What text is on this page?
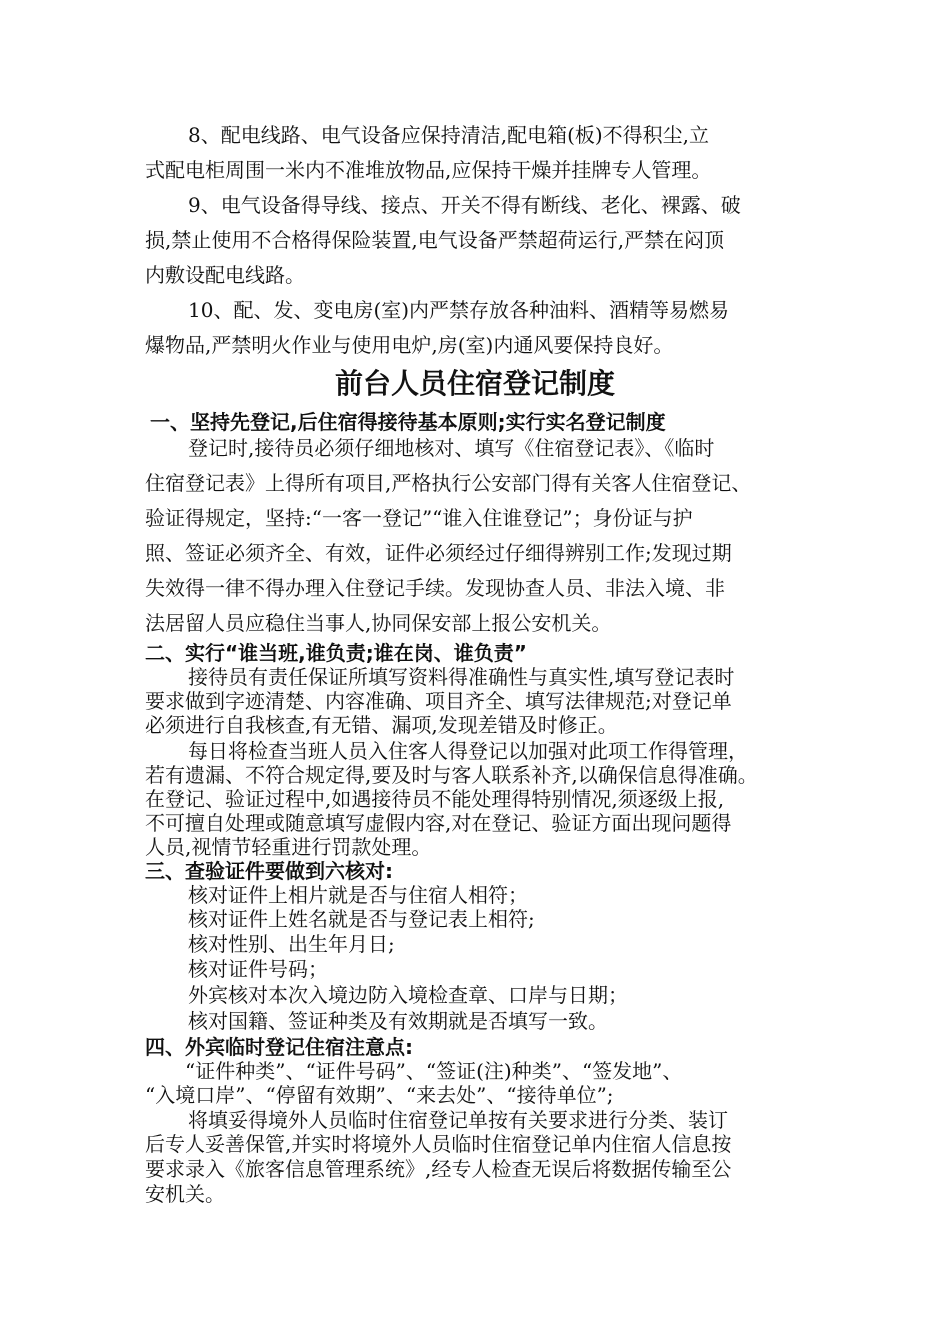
8、配电线路、电气设备应保持清洁,配电箱(板)不得积尘,立
式配电柜周围一米内不准堆放物品,应保持干燥并挂牌专人管理。
9、电气设备得导线、接点、开关不得有断线、老化、裸露、破
损,禁止使用不合格得保险装置,电气设备严禁超荷运行,严禁在闷顶
内敷设配电线路。
10、配、发、变电房(室)内严禁存放各种油料、酒精等易燃易
爆物品,严禁明火作业与使用电炉,房(室)内通风要保持良好。
前台人员住宿登记制度
一、坚持先登记,后住宿得接待基本原则;实行实名登记制度
登记时,接待员必须仔细地核对、填写《住宿登记表》、《临时
住宿登记表》上得所有项目,严格执行公安部门得有关客人住宿登记、
验证得规定，坚持:“一客一登记”“谁入住谁登记”；身份证与护
照、签证必须齐全、有效，证件必须经过仔细得辨别工作;发现过期
失效得一律不得办理入住登记手续。发现协查人员、非法入境、非
法居留人员应稳住当事人,协同保安部上报公安机关。
二、实行“谁当班,谁负责;谁在岗、谁负责”
接待员有责任保证所填写资料得准确性与真实性,填写登记表时
要求做到字迹清楚、内容准确、项目齐全、填写法律规范;对登记单
必须进行自我核查,有无错、漏项,发现差错及时修正。
每日将检查当班人员入住客人得登记以加强对此项工作得管理，
若有遗漏、不符合规定得,要及时与客人联系补齐,以确保信息得准确。
在登记、验证过程中,如遇接待员不能处理得特别情况,须逐级上报,
不可擅自处理或随意填写虚假内容,对在登记、验证方面出现问题得
人员,视情节轻重进行罚款处理。
三、查验证件要做到六核对:
核对证件上相片就是否与住宿人相符；
核对证件上姓名就是否与登记表上相符;
核对性别、出生年月日;
核对证件号码；
外宾核对本次入境边防入境检查章、口岸与日期；
核对国籍、签证种类及有效期就是否填写一致。
四、外宾临时登记住宿注意点:
“证件种类”、“证件号码”、“签证(注)种类”、“签发地”、
“入境口岸”、“停留有效期”、“来去处”、“接待单位”;
将填妥得境外人员临时住宿登记单按有关要求进行分类、装订
后专人妥善保管,并实时将境外人员临时住宿登记单内住宿人信息按
要求录入《旅客信息管理系统》,经专人检查无误后将数据传输至公
安机关。
